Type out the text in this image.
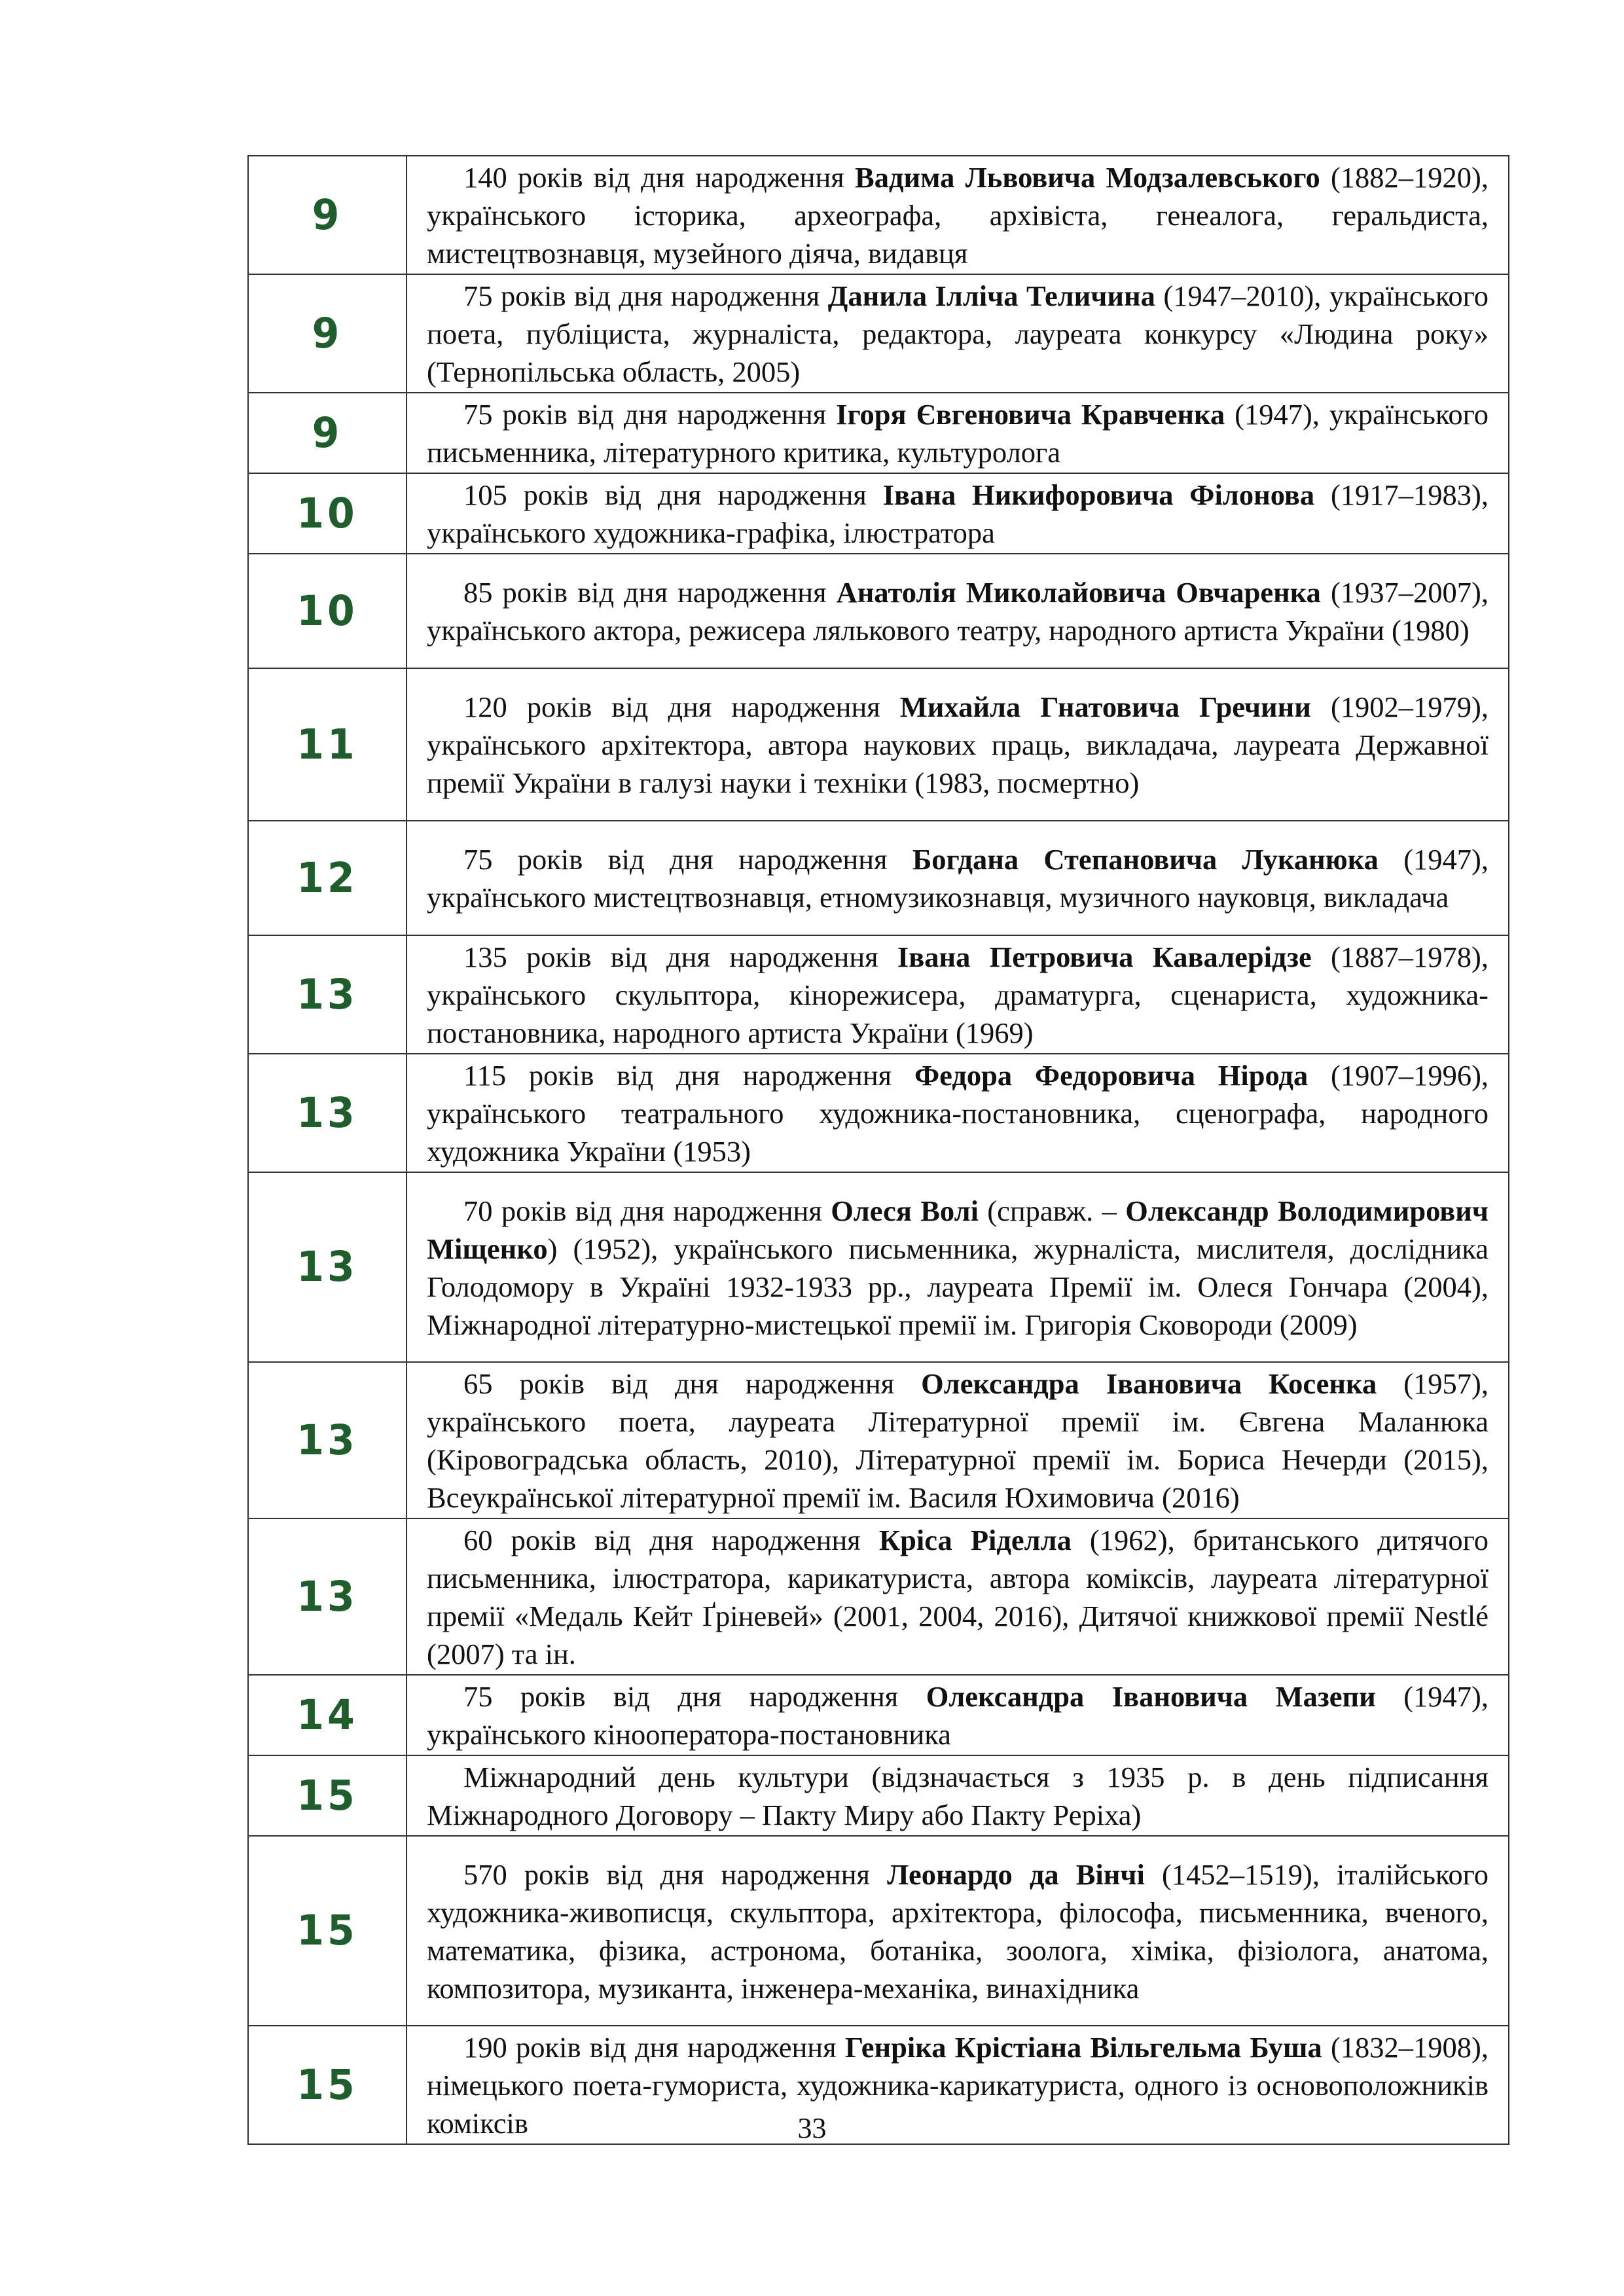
9	140 років від дня народження Вадима Львовича Модзалевського (1882–1920), українського історика, археографа, архівіста, генеалога, геральдиста, мистецтвознавця, музейного діяча, видавця
9	75 років від дня народження Данила Ілліча Теличина (1947–2010), українського поета, публіциста, журналіста, редактора, лауреата конкурсу «Людина року» (Тернопільська область, 2005)
9	75 років від дня народження Ігоря Євгеновича Кравченка (1947), українського письменника, літературного критика, культуролога
10	105 років від дня народження Івана Никифоровича Філонова (1917–1983), українського художника-графіка, ілюстратора
10	85 років від дня народження Анатолія Миколайовича Овчаренка (1937–2007), українського актора, режисера лялькового театру, народного артиста України (1980)
11	120 років від дня народження Михайла Гнатовича Гречини (1902–1979), українського архітектора, автора наукових праць, викладача, лауреата Державної премії України в галузі науки і техніки (1983, посмертно)
12	75 років від дня народження Богдана Степановича Луканюка (1947), українського мистецтвознавця, етномузикознавця, музичного науковця, викладача
13	135 років від дня народження Івана Петровича Кавалерідзе (1887–1978), українського скульптора, кінорежисера, драматурга, сценариста, художника-постановника, народного артиста України (1969)
13	115 років від дня народження Федора Федоровича Нірода (1907–1996), українського театрального художника-постановника, сценографа, народного художника України (1953)
13	70 років від дня народження Олеся Волі (справж. – Олександр Володимирович Міщенко) (1952), українського письменника, журналіста, мислителя, дослідника Голодомору в Україні 1932-1933 рр., лауреата Премії ім. Олеся Гончара (2004), Міжнародної літературно-мистецької премії ім. Григорія Сковороди (2009)
13	65 років від дня народження Олександра Івановича Косенка (1957), українського поета, лауреата Літературної премії ім. Євгена Маланюка (Кіровоградська область, 2010), Літературної премії ім. Бориса Нечерди (2015), Всеукраїнської літературної премії ім. Василя Юхимовича (2016)
13	60 років від дня народження Кріса Ріделла (1962), британського дитячого письменника, ілюстратора, карикатуриста, автора коміксів, лауреата літературної премії «Медаль Кейт Ґріневей» (2001, 2004, 2016), Дитячої книжкової премії Nestlé (2007) та ін.
14	75 років від дня народження Олександра Івановича Мазепи (1947), українського кінооператора-постановника
15	Міжнародний день культури (відзначається з 1935 р. в день підписання Міжнародного Договору – Пакту Миру або Пакту Реріха)
15	570 років від дня народження Леонардо да Вінчі (1452–1519), італійського художника-живописця, скульптора, архітектора, філософа, письменника, вченого, математика, фізика, астронома, ботаніка, зоолога, хіміка, фізіолога, анатома, композитора, музиканта, інженера-механіка, винахідника
15	190 років від дня народження Генріка Крістіана Вільгельма Буша (1832–1908), німецького поета-гумориста, художника-карикатуриста, одного із основоположників коміксів	33
